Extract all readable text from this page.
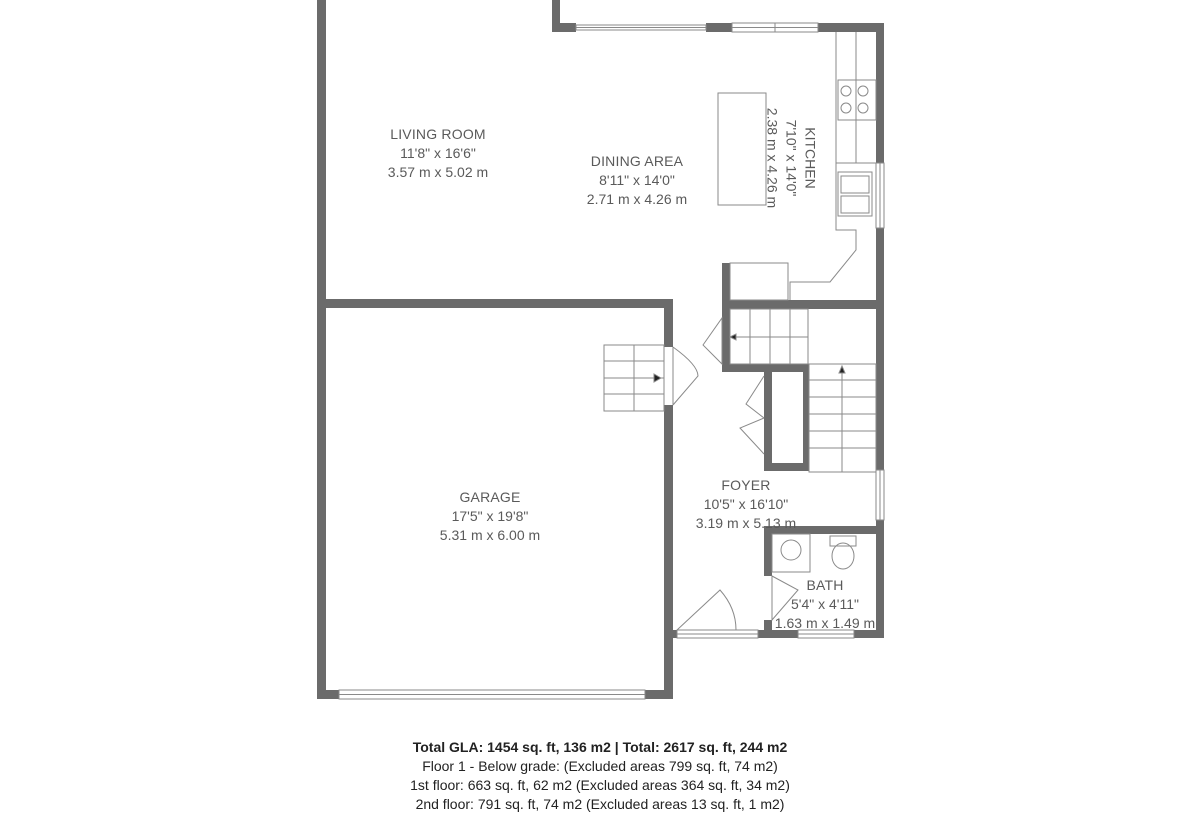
LIVING ROOM
11'8" x 16'6"
3.57 m x 5.02 m
DINING AREA
8'11" x 14'0"
2.71 m x 4.26 m
KITCHEN
7'10" x 14'0"
2.38 m x 4.26 m
GARAGE
17'5" x 19'8"
5.31 m x 6.00 m
FOYER
10'5" x 16'10"
3.19 m x 5.13 m
BATH
5'4" x 4'11"
1.63 m x 1.49 m
Total GLA: 1454 sq. ft, 136 m2 | Total: 2617 sq. ft, 244 m2
Floor 1 - Below grade: (Excluded areas 799 sq. ft, 74 m2)
1st floor: 663 sq. ft, 62 m2 (Excluded areas 364 sq. ft, 34 m2)
2nd floor: 791 sq. ft, 74 m2 (Excluded areas 13 sq. ft, 1 m2)
